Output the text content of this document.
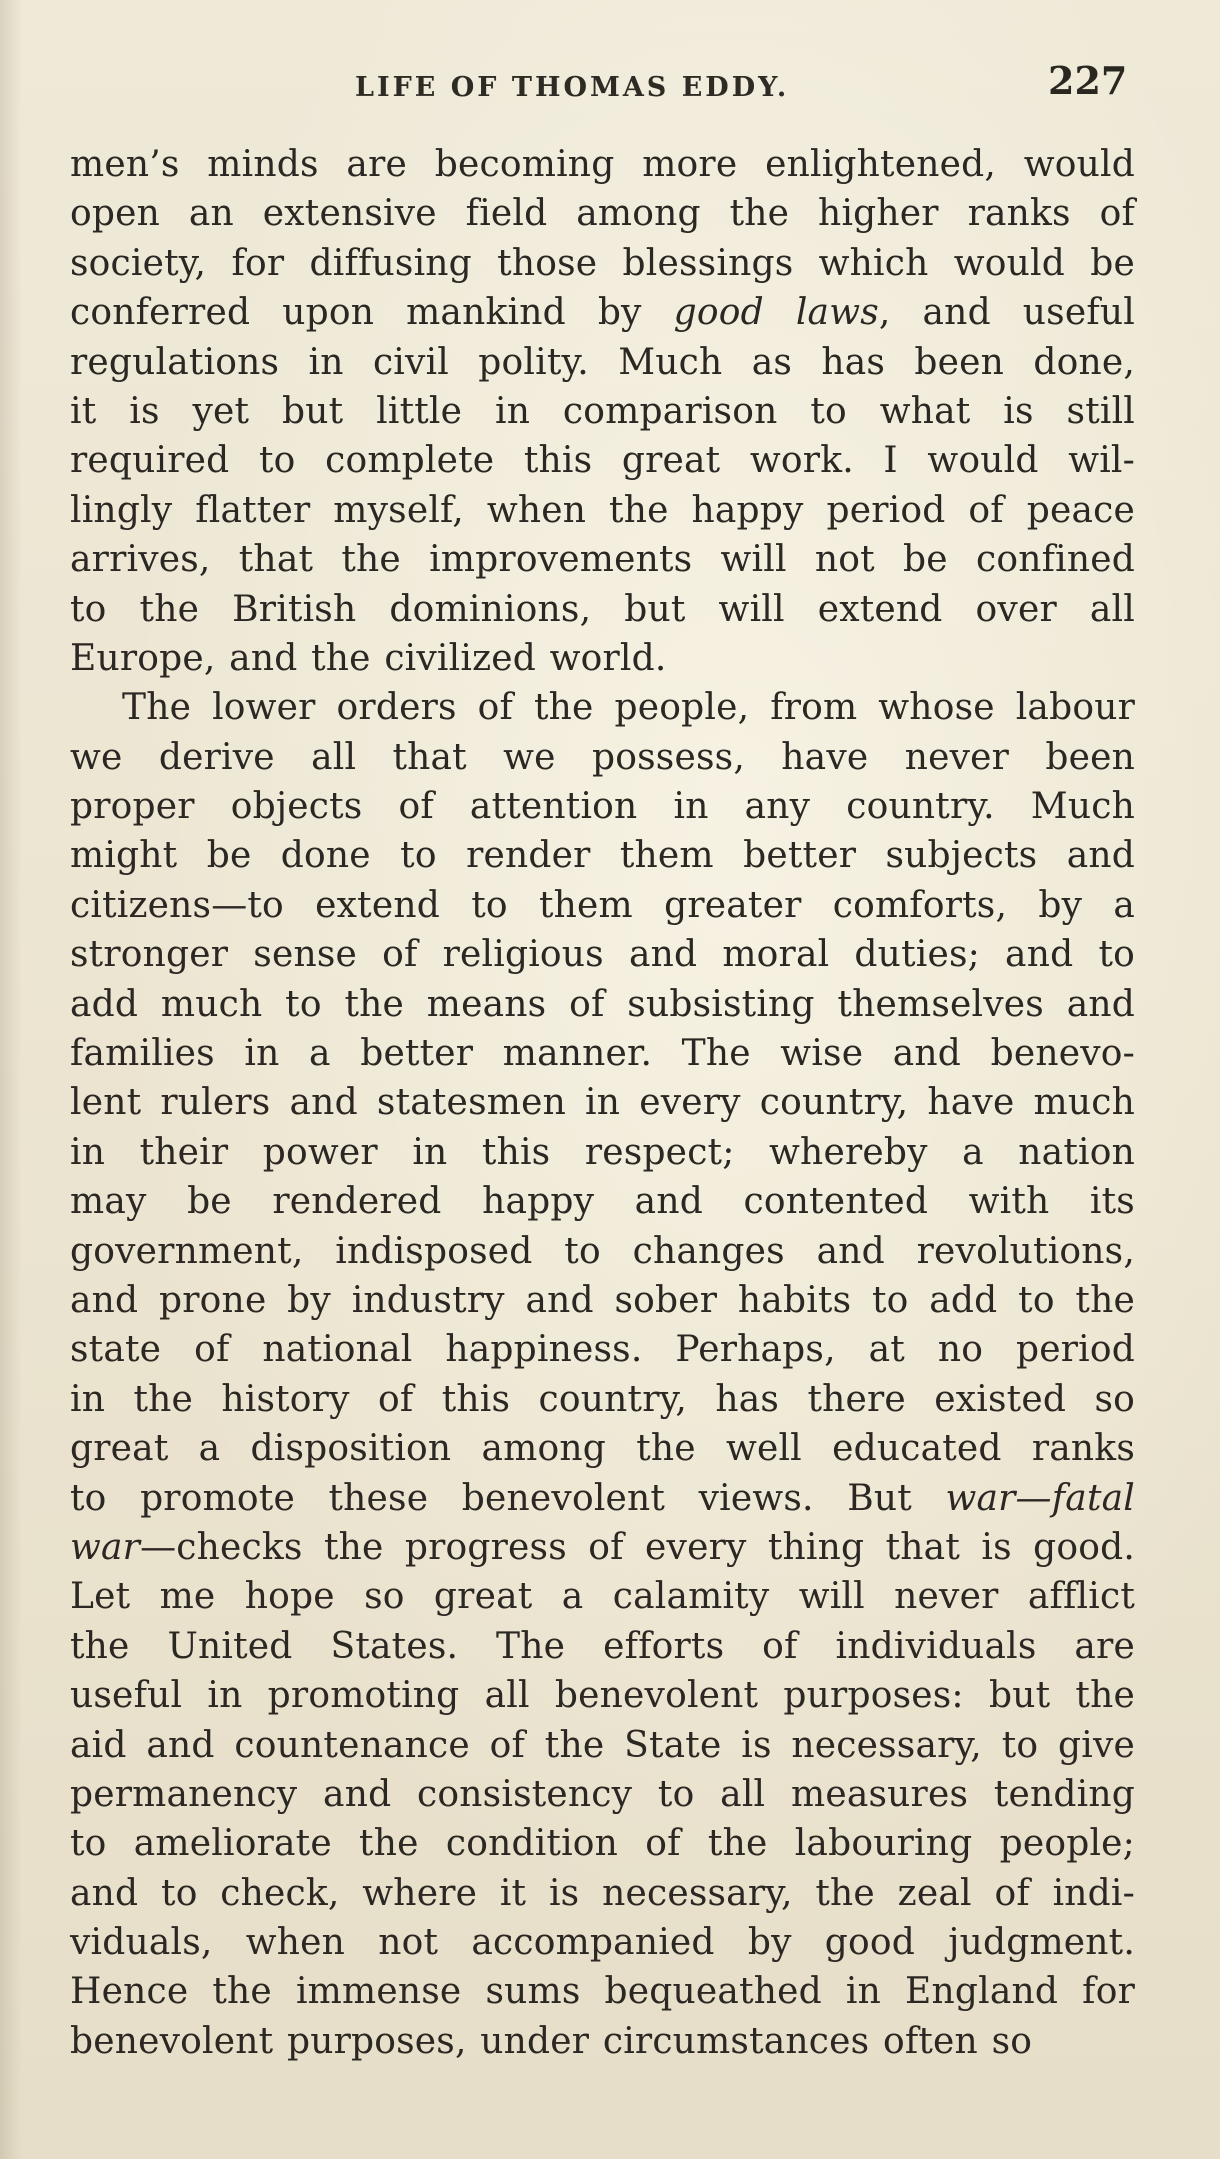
LIFE OF THOMAS EDDY.	227
men’s minds are becoming more enlightened, would
open an extensive field among the higher ranks of
society, for diffusing those blessings which would be
conferred upon mankind by good laws, and useful
regulations in civil polity. Much as has been done,
it is yet but little in comparison to what is still
required to complete this great work. I would wil-
lingly flatter myself, when the happy period of peace
arrives, that the improvements will not be confined
to the British dominions, but will extend over all
Europe, and the civilized world.
The lower orders of the people, from whose labour
we derive all that we possess, have never been
proper objects of attention in any country. Much
might be done to render them better subjects and
citizens—to extend to them greater comforts, by a
stronger sense of religious and moral duties; and to
add much to the means of subsisting themselves and
families in a better manner. The wise and benevo-
lent rulers and statesmen in every country, have much
in their power in this respect; whereby a nation
may be rendered happy and contented with its
government, indisposed to changes and revolutions,
and prone by industry and sober habits to add to the
state of national happiness. Perhaps, at no period
in the history of this country, has there existed so
great a disposition among the well educated ranks
to promote these benevolent views. But war—fatal
war—checks the progress of every thing that is good.
Let me hope so great a calamity will never afflict
the United States. The efforts of individuals are
useful in promoting all benevolent purposes: but the
aid and countenance of the State is necessary, to give
permanency and consistency to all measures tending
to ameliorate the condition of the labouring people;
and to check, where it is necessary, the zeal of indi-
viduals, when not accompanied by good judgment.
Hence the immense sums bequeathed in England for
benevolent purposes, under circumstances often so
